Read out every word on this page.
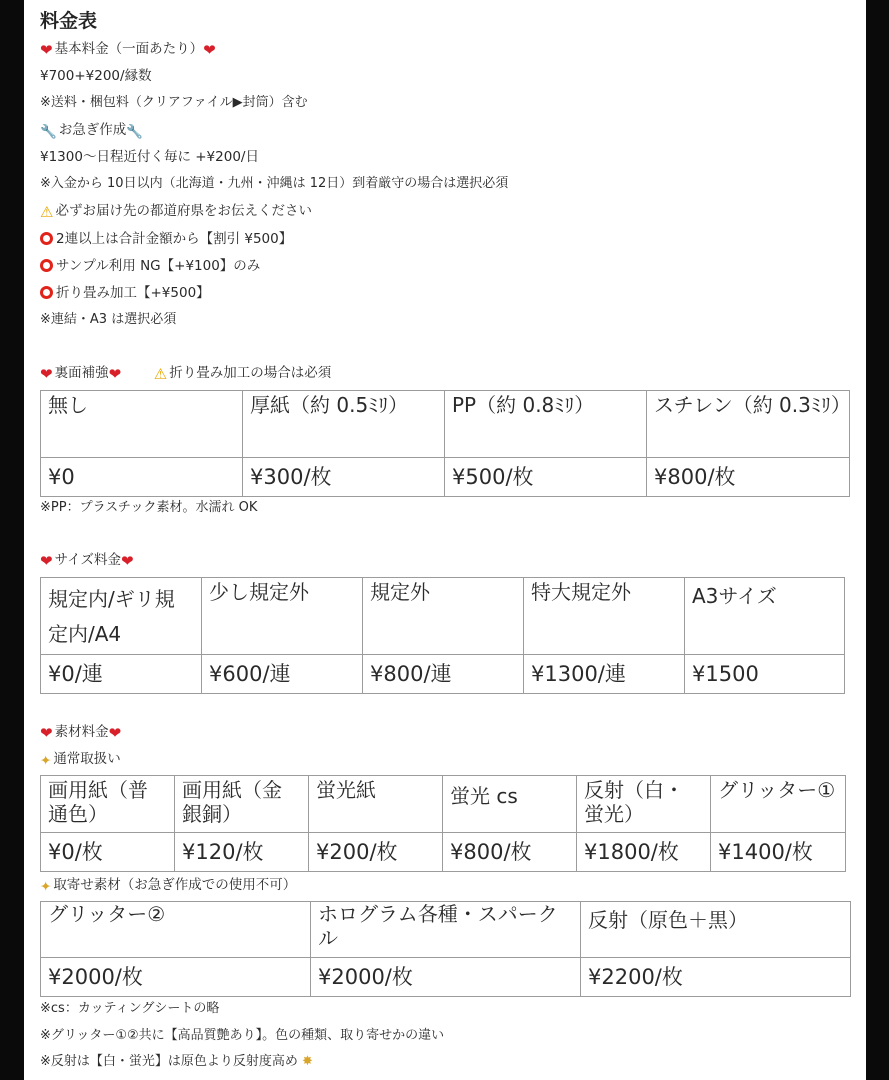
料金表
❤ 基本料金（一面あたり）❤
¥700+¥200/縁数
※送料・梱包料（クリアファイル▶封筒）含む
🔧 お急ぎ作成🔧
¥1300〜日程近付く毎に +¥200/日
※入金から 10日以内（北海道・九州・沖縄は 12日）到着厳守の場合は選択必須
⚠ 必ずお届け先の都道府県をお伝えください
2連以上は合計金額から【割引 ¥500】
サンプル利用 NG【+¥100】のみ
折り畳み加工【+¥500】
※連結・A3 は選択必須
❤ 裏面補強❤ ⚠ 折り畳み加工の場合は必須
無し	厚紙（約 0.5ﾐﾘ）	PP（約 0.8ﾐﾘ）	スチレン（約 0.3ﾐﾘ）
¥0	¥300/枚	¥500/枚	¥800/枚
※PP：プラスチック素材。水濡れ OK
❤ サイズ料金❤
規定内/ギリ規定内/A4	少し規定外	規定外	特大規定外	A3サイズ
¥0/連	¥600/連	¥800/連	¥1300/連	¥1500
❤ 素材料金❤
✦ 通常取扱い
画用紙（普通色）	画用紙（金銀銅）	蛍光紙	蛍光 cs	反射（白・蛍光）	グリッター①
¥0/枚	¥120/枚	¥200/枚	¥800/枚	¥1800/枚	¥1400/枚
✦ 取寄せ素材（お急ぎ作成での使用不可）
グリッター②	ホログラム各種・スパークル	反射（原色＋黒）
¥2000/枚	¥2000/枚	¥2200/枚
※cs：カッティングシートの略
※グリッター①②共に【高品質艶あり】。色の種類、取り寄せかの違い
※反射は【白・蛍光】は原色より反射度高め ✸
